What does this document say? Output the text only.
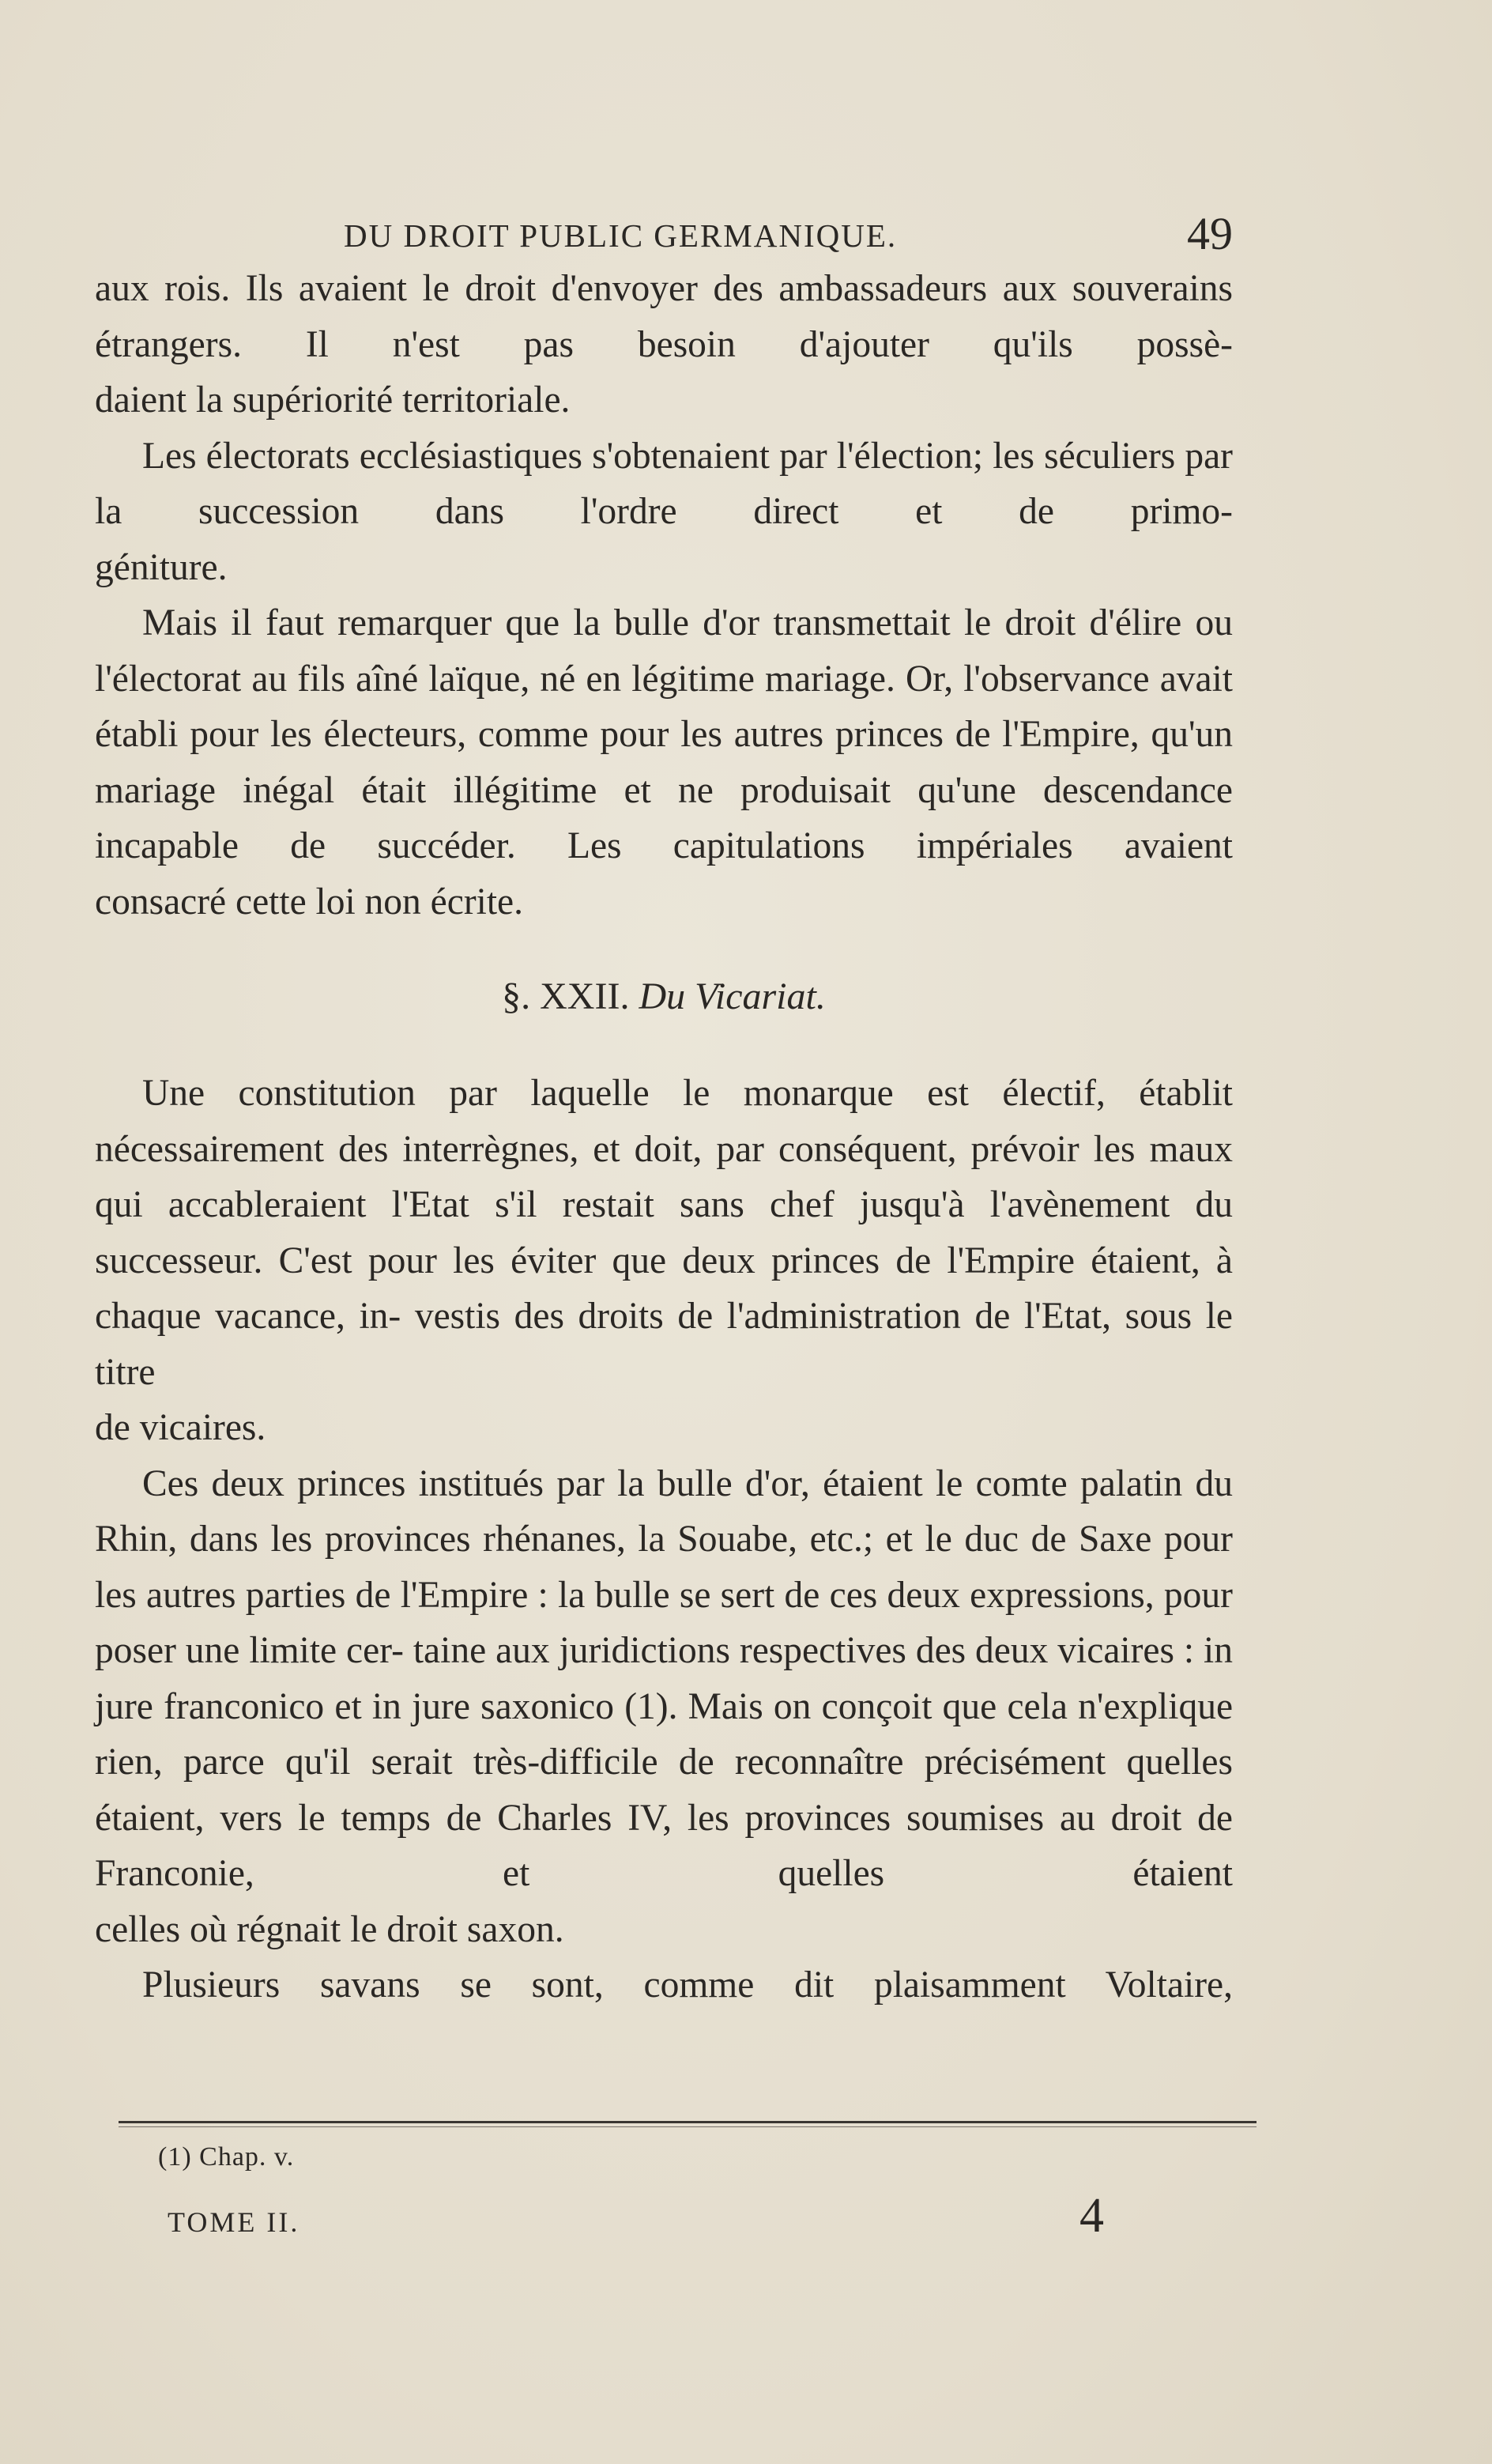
DU DROIT PUBLIC GERMANIQUE.	49

aux rois. Ils avaient le droit d'envoyer des ambassadeurs aux souverains étrangers. Il n'est pas besoin d'ajouter qu'ils possè-

daient la supériorité territoriale.

Les électorats ecclésiastiques s'obtenaient par l'élection; les séculiers par la succession dans l'ordre direct et de primo-

géniture.

Mais il faut remarquer que la bulle d'or transmettait le droit d'élire ou l'électorat au fils aîné laïque, né en légitime mariage. Or, l'observance avait établi pour les électeurs, comme pour les autres princes de l'Empire, qu'un mariage inégal était illégitime et ne produisait qu'une descendance incapable de succéder. Les capitulations impériales avaient

consacré cette loi non écrite.

§. XXII. Du Vicariat.

Une constitution par laquelle le monarque est électif, établit nécessairement des interrègnes, et doit, par conséquent, prévoir les maux qui accableraient l'Etat s'il restait sans chef jusqu'à l'avènement du successeur. C'est pour les éviter que deux princes de l'Empire étaient, à chaque vacance, in- vestis des droits de l'administration de l'Etat, sous le titre

de vicaires.

Ces deux princes institués par la bulle d'or, étaient le comte palatin du Rhin, dans les provinces rhénanes, la Souabe, etc.; et le duc de Saxe pour les autres parties de l'Empire : la bulle se sert de ces deux expressions, pour poser une limite cer- taine aux juridictions respectives des deux vicaires : in jure franconico et in jure saxonico (1). Mais on conçoit que cela n'explique rien, parce qu'il serait très-difficile de reconnaître précisément quelles étaient, vers le temps de Charles IV, les provinces soumises au droit de Franconie, et quelles étaient

celles où régnait le droit saxon.

Plusieurs savans se sont, comme dit plaisamment Voltaire,

(1) Chap. v.
TOME II.	4
